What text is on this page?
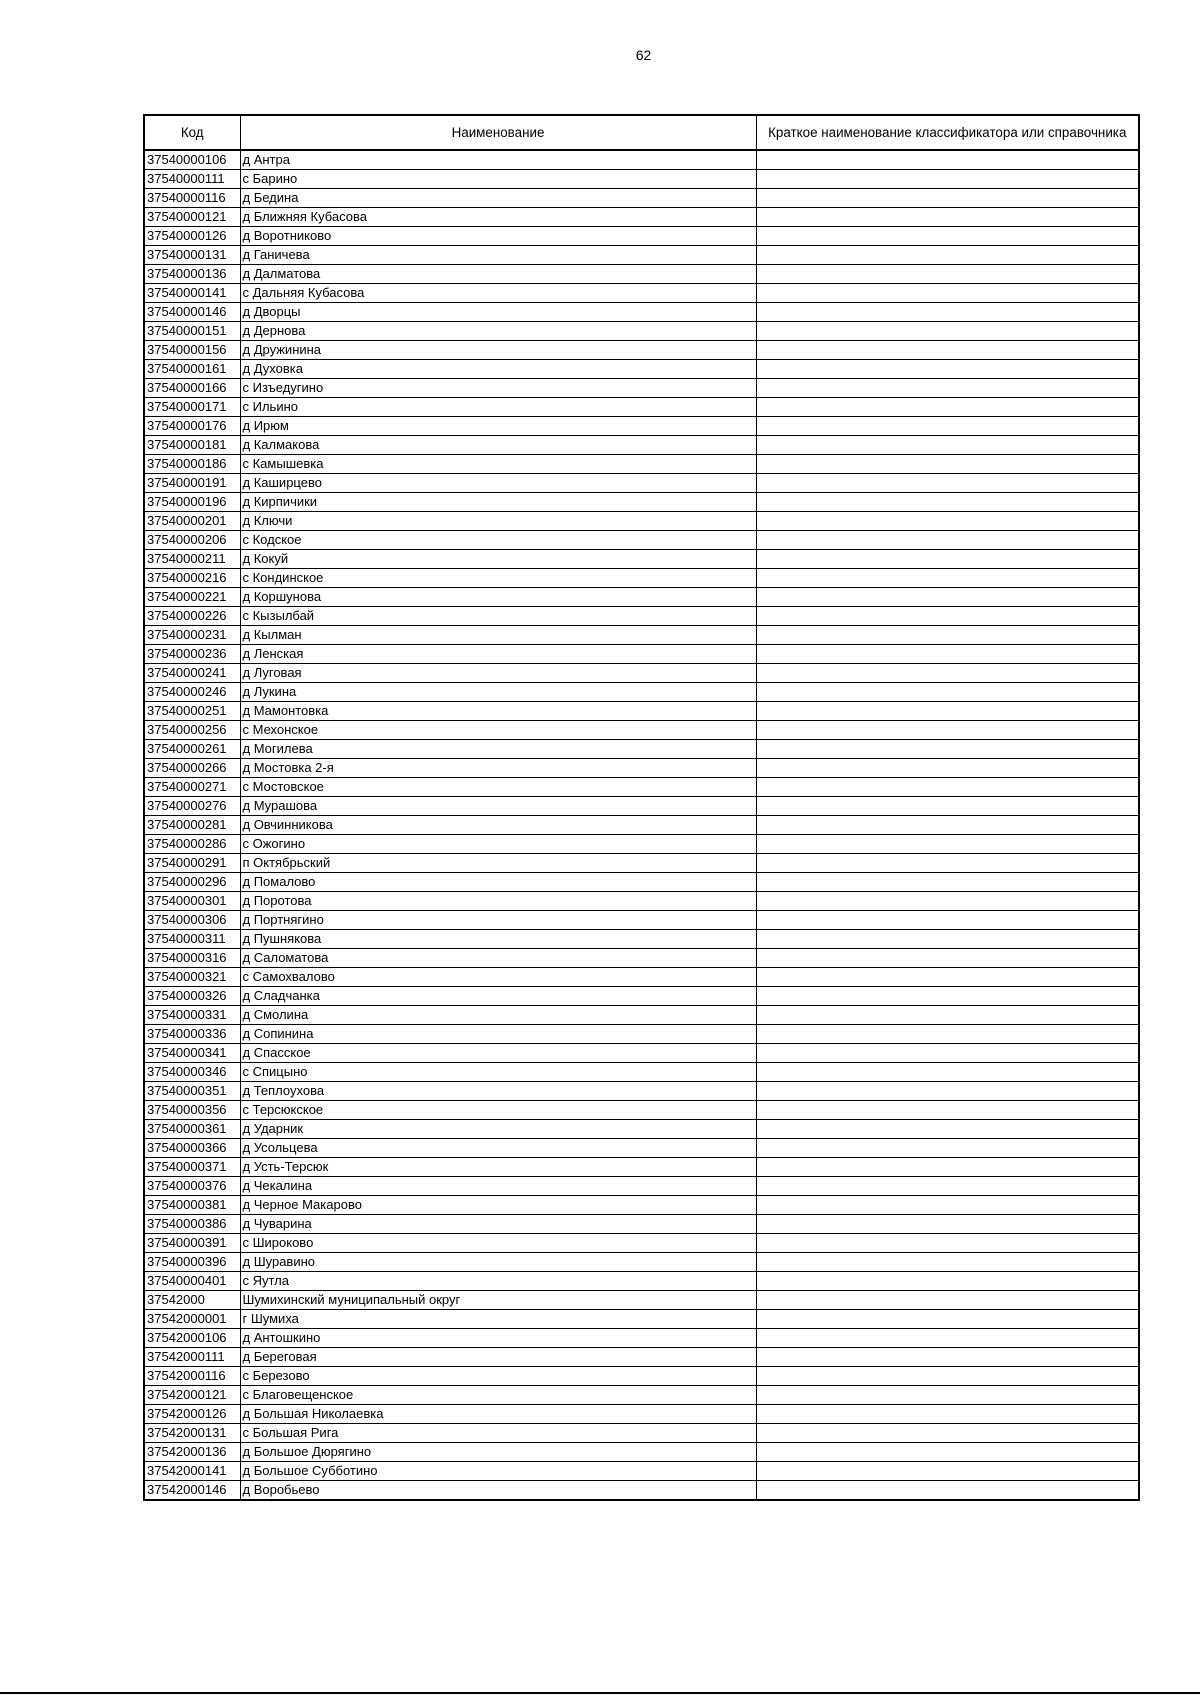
62
Код	Наименование	Краткое наименование классификатора или справочника
37540000106	д Антра	
37540000111	с Барино	
37540000116	д Бедина	
37540000121	д Ближняя Кубасова	
37540000126	д Воротниково	
37540000131	д Ганичева	
37540000136	д Далматова	
37540000141	с Дальняя Кубасова	
37540000146	д Дворцы	
37540000151	д Дернова	
37540000156	д Дружинина	
37540000161	д Духовка	
37540000166	с Изъедугино	
37540000171	с Ильино	
37540000176	д Ирюм	
37540000181	д Калмакова	
37540000186	с Камышевка	
37540000191	д Каширцево	
37540000196	д Кирпичики	
37540000201	д Ключи	
37540000206	с Кодское	
37540000211	д Кокуй	
37540000216	с Кондинское	
37540000221	д Коршунова	
37540000226	с Кызылбай	
37540000231	д Кылман	
37540000236	д Ленская	
37540000241	д Луговая	
37540000246	д Лукина	
37540000251	д Мамонтовка	
37540000256	с Мехонское	
37540000261	д Могилева	
37540000266	д Мостовка 2-я	
37540000271	с Мостовское	
37540000276	д Мурашова	
37540000281	д Овчинникова	
37540000286	с Ожогино	
37540000291	п Октябрьский	
37540000296	д Помалово	
37540000301	д Поротова	
37540000306	д Портнягино	
37540000311	д Пушнякова	
37540000316	д Саломатова	
37540000321	с Самохвалово	
37540000326	д Сладчанка	
37540000331	д Смолина	
37540000336	д Сопинина	
37540000341	д Спасское	
37540000346	с Спицыно	
37540000351	д Теплоухова	
37540000356	с Терсюкское	
37540000361	д Ударник	
37540000366	д Усольцева	
37540000371	д Усть-Терсюк	
37540000376	д Чекалина	
37540000381	д Черное Макарово	
37540000386	д Чуварина	
37540000391	с Широково	
37540000396	д Шуравино	
37540000401	с Яутла	
37542000	Шумихинский муниципальный округ	
37542000001	г Шумиха	
37542000106	д Антошкино	
37542000111	д Береговая	
37542000116	с Березово	
37542000121	с Благовещенское	
37542000126	д Большая Николаевка	
37542000131	с Большая Рига	
37542000136	д Большое Дюрягино	
37542000141	д Большое Субботино	
37542000146	д Воробьево	
